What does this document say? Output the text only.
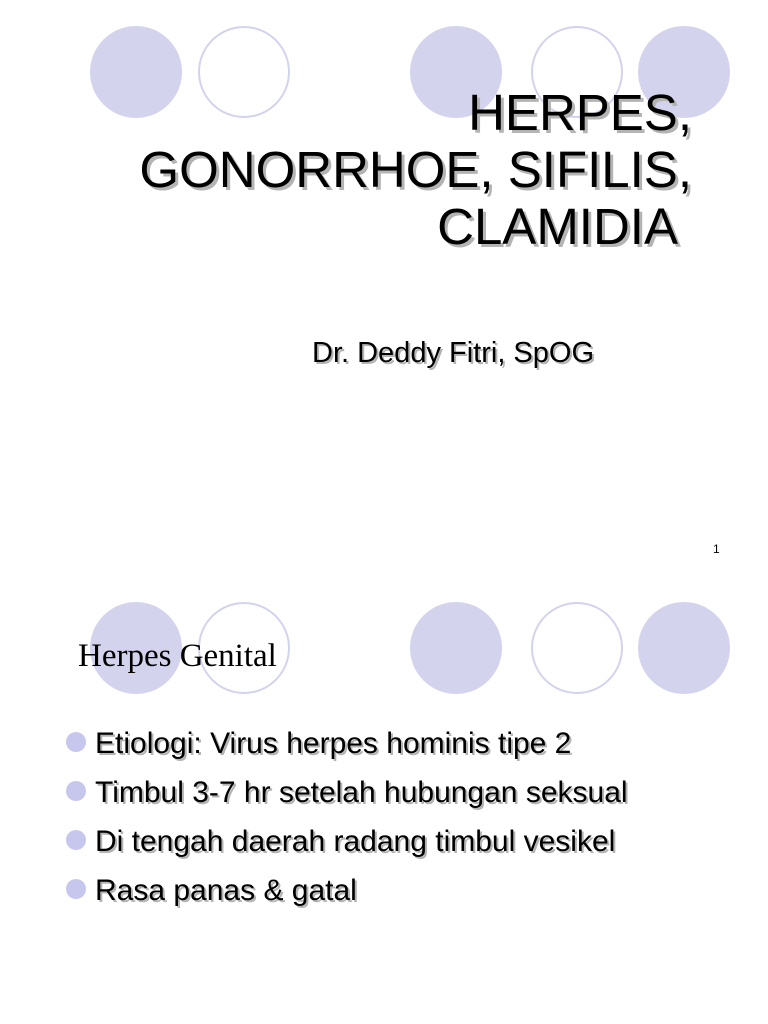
HERPES,
GONORRHOE, SIFILIS,
CLAMIDIA

Dr. Deddy Fitri, SpOG

1
Herpes Genital
Etiologi: Virus herpes hominis tipe 2
Timbul 3-7 hr setelah hubungan seksual
Di tengah daerah radang timbul vesikel
Rasa panas & gatal
